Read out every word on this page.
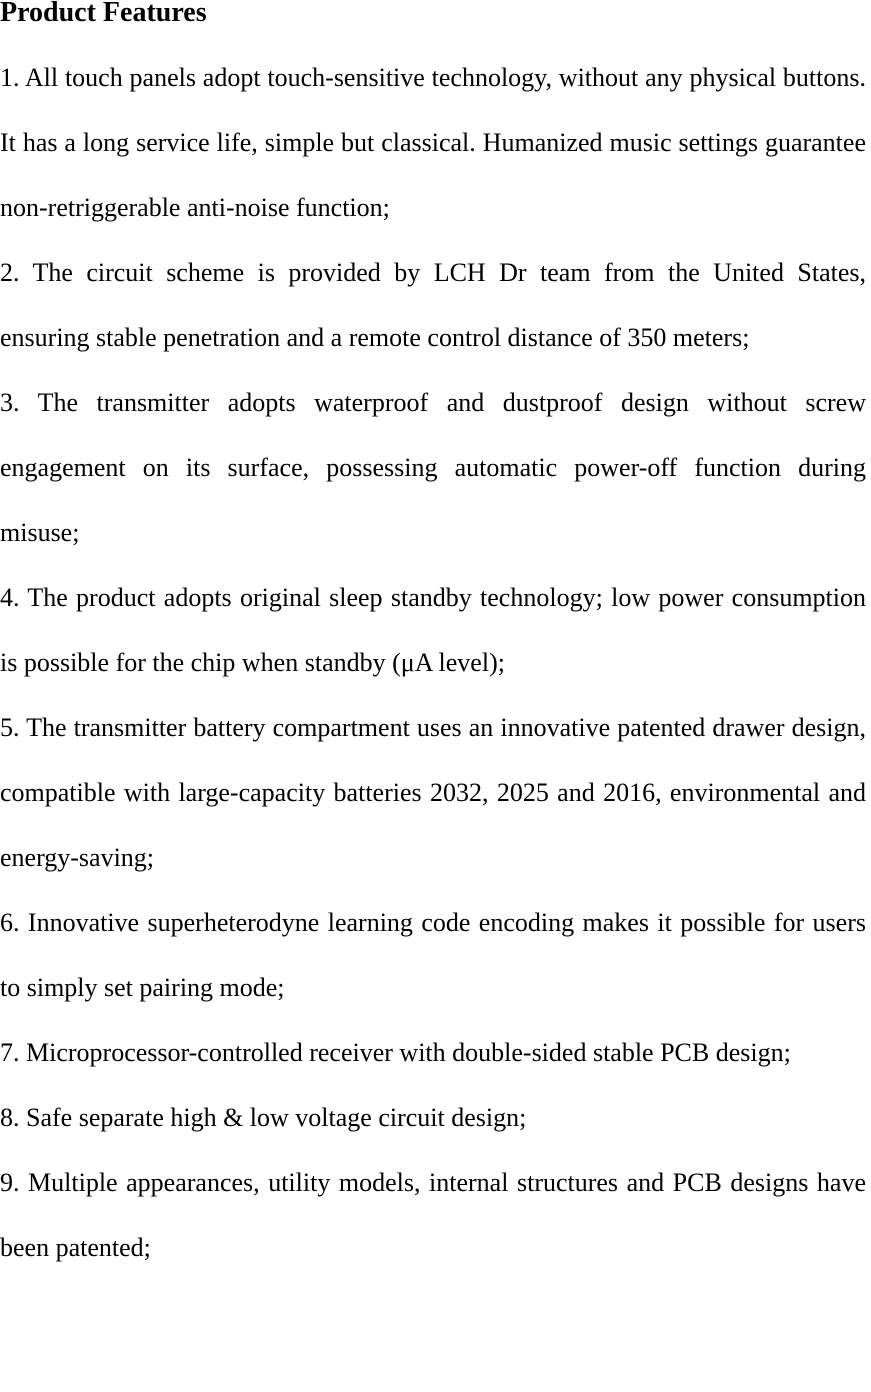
Product Features
1. All touch panels adopt touch-sensitive technology, without any physical buttons. It has a long service life, simple but classical. Humanized music settings guarantee non-retriggerable anti-noise function;
2. The circuit scheme is provided by LCH Dr team from the United States, ensuring stable penetration and a remote control distance of 350 meters;
3. The transmitter adopts waterproof and dustproof design without screw engagement on its surface, possessing automatic power-off function during misuse;
4. The product adopts original sleep standby technology; low power consumption is possible for the chip when standby (μA level);
5. The transmitter battery compartment uses an innovative patented drawer design, compatible with large-capacity batteries 2032, 2025 and 2016, environmental and energy-saving;
6. Innovative superheterodyne learning code encoding makes it possible for users to simply set pairing mode;
7. Microprocessor-controlled receiver with double-sided stable PCB design;
8. Safe separate high & low voltage circuit design;
9. Multiple appearances, utility models, internal structures and PCB designs have been patented;
